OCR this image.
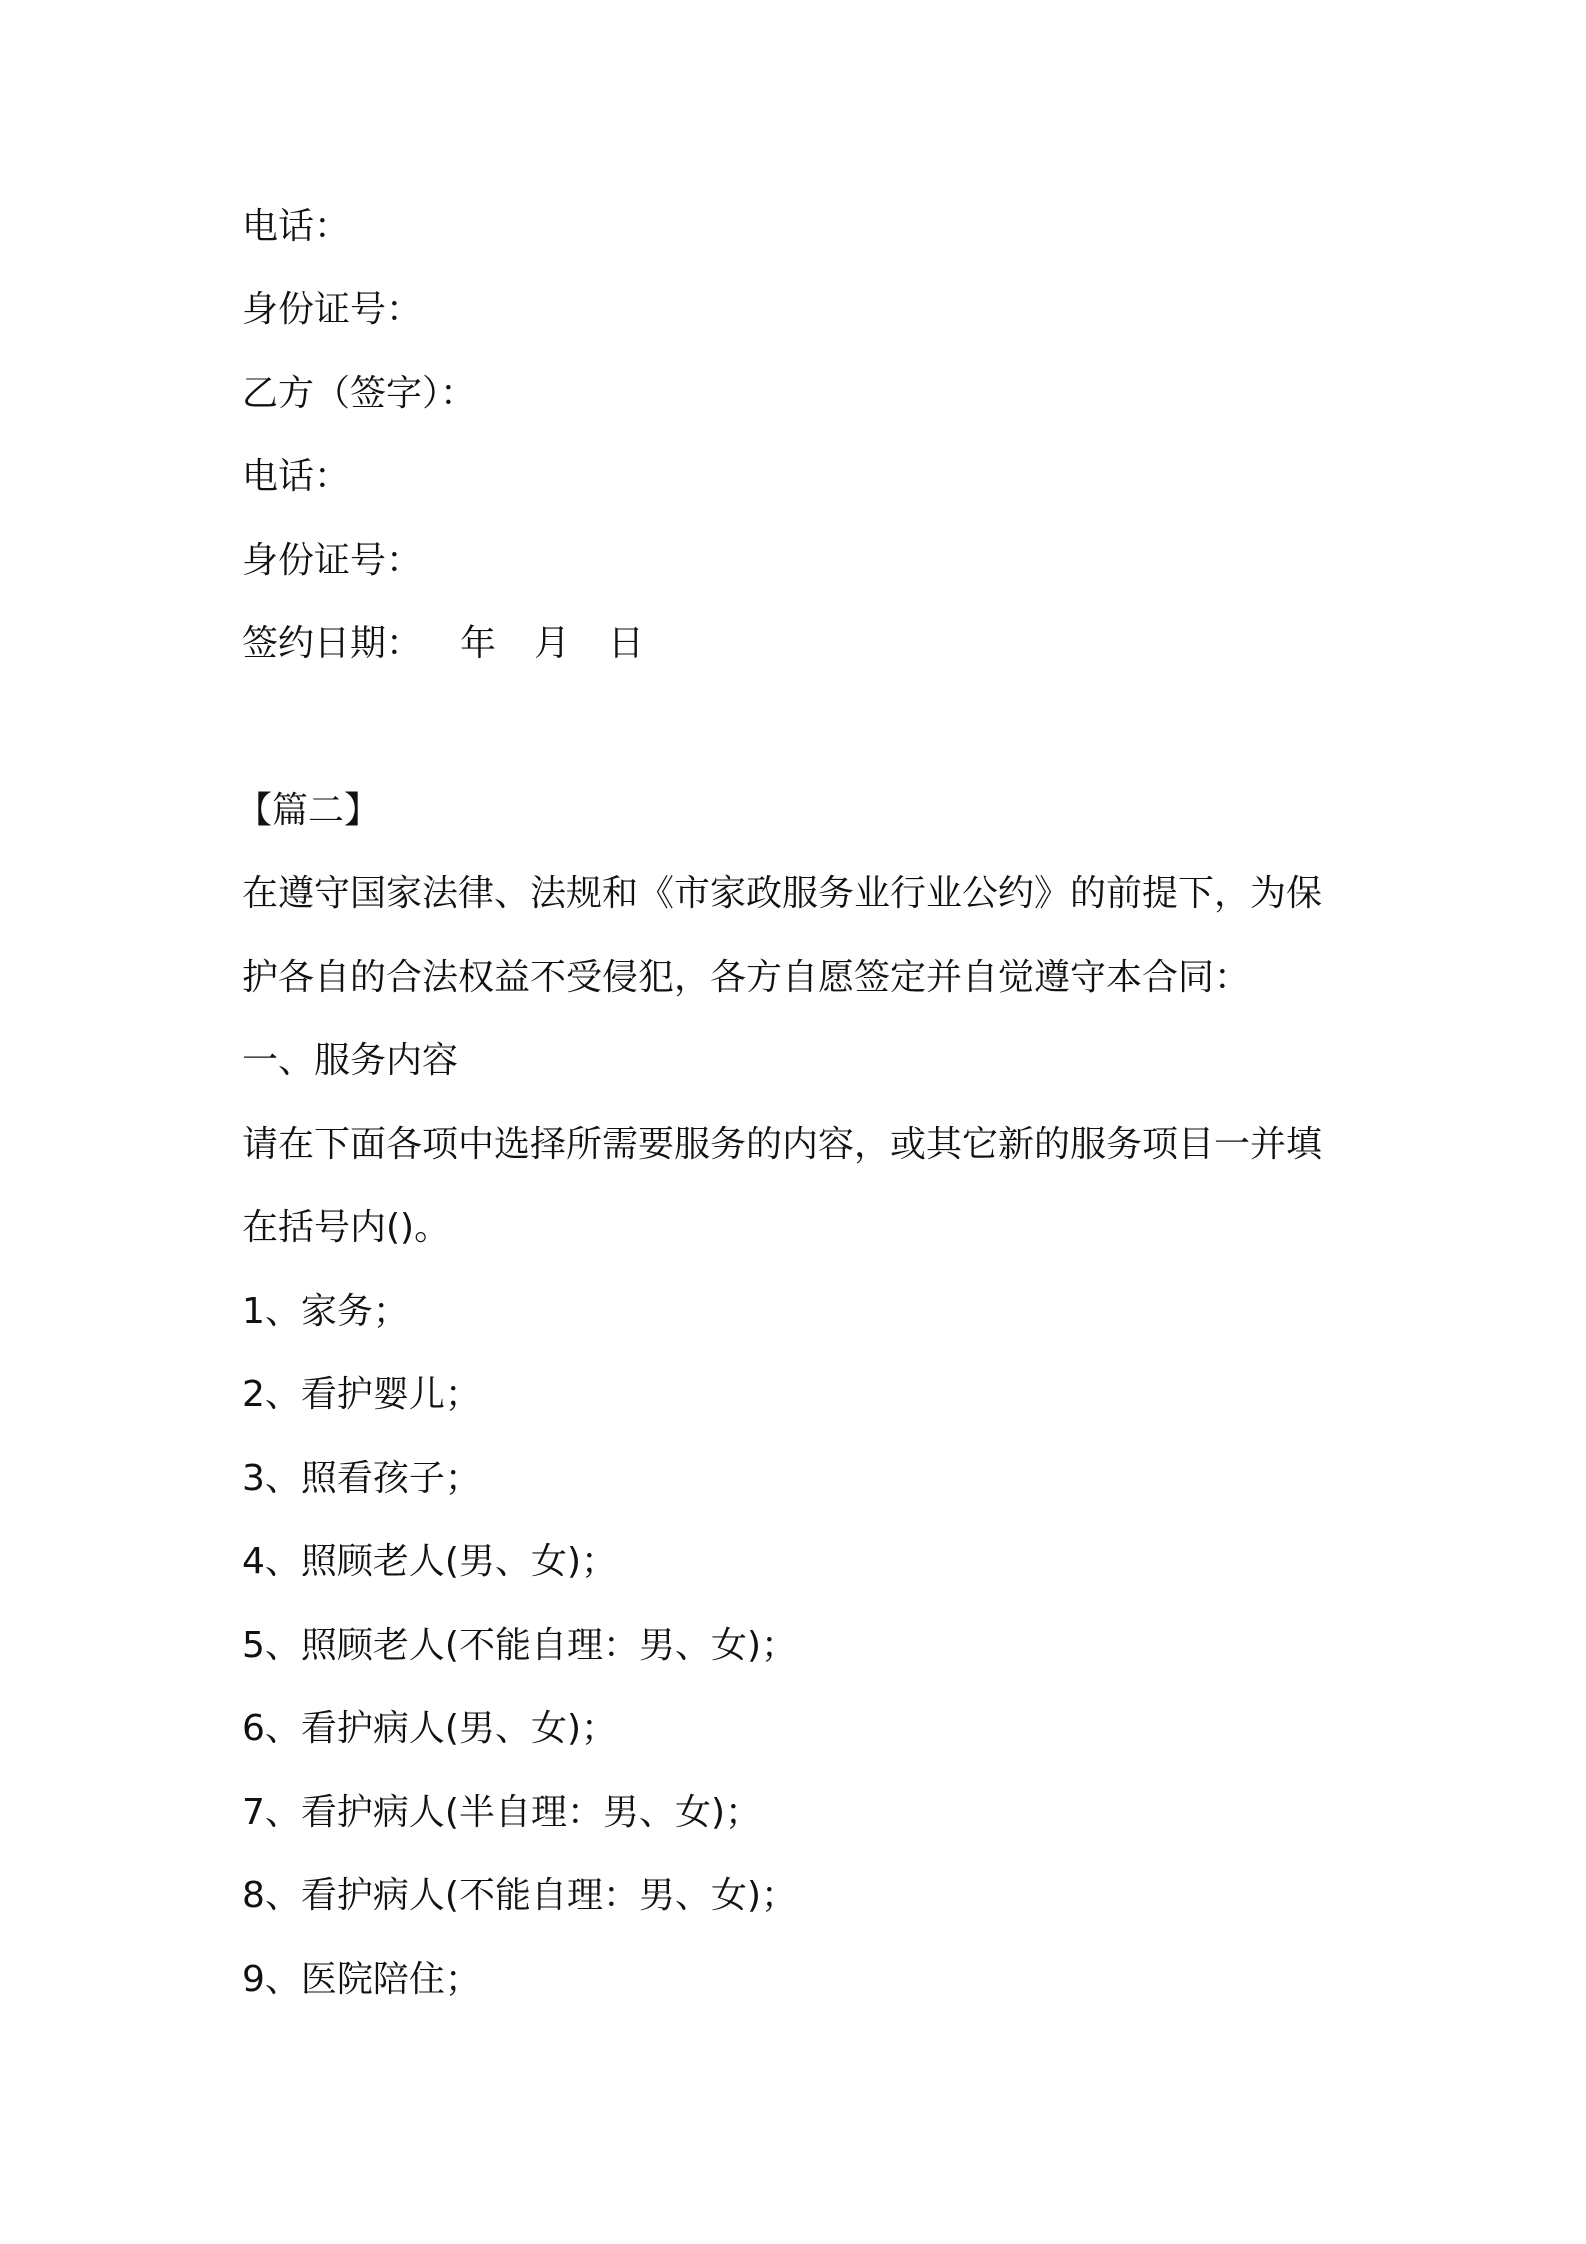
电话：

身份证号：

乙方（签字）：

电话：

身份证号：

签约日期： 年 月 日

【篇二】

在遵守国家法律、法规和《市家政服务业行业公约》的前提下，为保

护各自的合法权益不受侵犯，各方自愿签定并自觉遵守本合同：

一、服务内容

请在下面各项中选择所需要服务的内容，或其它新的服务项目一并填

在括号内()。

1、家务；

2、看护婴儿；

3、照看孩子；

4、照顾老人(男、女)；

5、照顾老人(不能自理：男、女)；

6、看护病人(男、女)；

7、看护病人(半自理：男、女)；

8、看护病人(不能自理：男、女)；

9、医院陪住；
